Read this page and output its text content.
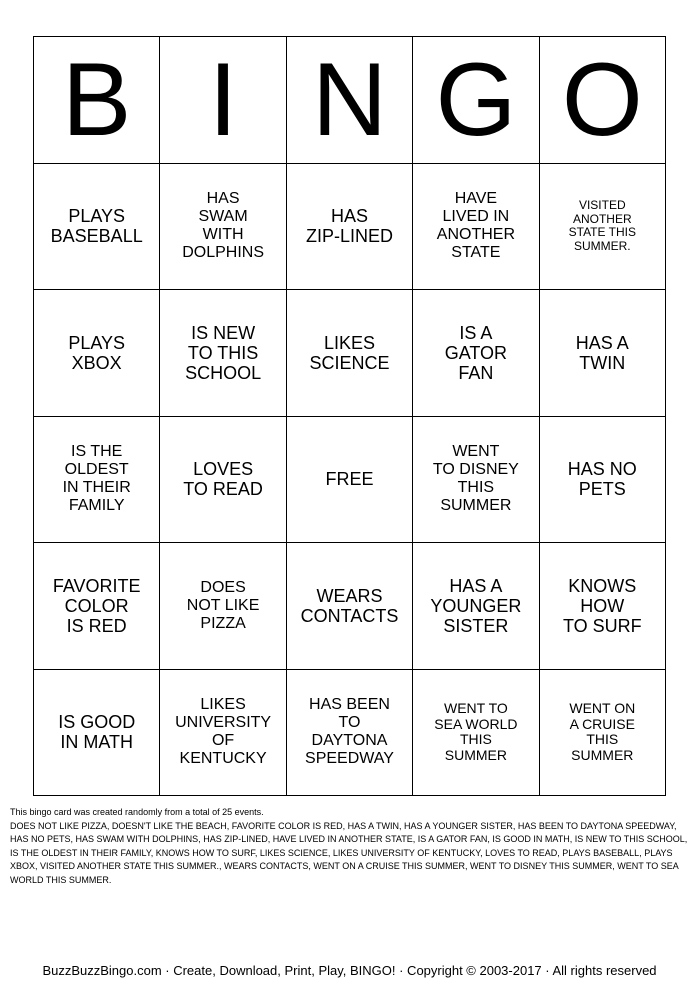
B I N G O
PLAYS
BASEBALL
HAS
SWAM
WITH
DOLPHINS
HAS
ZIP-LINED
HAVE
LIVED IN
ANOTHER
STATE
VISITED
ANOTHER
STATE THIS
SUMMER.
PLAYS
XBOX
IS NEW
TO THIS
SCHOOL
LIKES
SCIENCE
IS A
GATOR
FAN
HAS A
TWIN
IS THE
OLDEST
IN THEIR
FAMILY
LOVES
TO READ
FREE
WENT
TO DISNEY
THIS
SUMMER
HAS NO
PETS
FAVORITE
COLOR
IS RED
DOES
NOT LIKE
PIZZA
WEARS
CONTACTS
HAS A
YOUNGER
SISTER
KNOWS
HOW
TO SURF
IS GOOD
IN MATH
LIKES
UNIVERSITY
OF
KENTUCKY
HAS BEEN
TO
DAYTONA
SPEEDWAY
WENT TO
SEA WORLD
THIS
SUMMER
WENT ON
A CRUISE
THIS
SUMMER
This bingo card was created randomly from a total of 25 events.
DOES NOT LIKE PIZZA, DOESN'T LIKE THE BEACH, FAVORITE COLOR IS RED, HAS A TWIN, HAS A YOUNGER SISTER, HAS BEEN TO DAYTONA SPEEDWAY, HAS NO PETS, HAS SWAM WITH DOLPHINS, HAS ZIP-LINED, HAVE LIVED IN ANOTHER STATE, IS A GATOR FAN, IS GOOD IN MATH, IS NEW TO THIS SCHOOL, IS THE OLDEST IN THEIR FAMILY, KNOWS HOW TO SURF, LIKES SCIENCE, LIKES UNIVERSITY OF KENTUCKY, LOVES TO READ, PLAYS BASEBALL, PLAYS XBOX, VISITED ANOTHER STATE THIS SUMMER., WEARS CONTACTS, WENT ON A CRUISE THIS SUMMER, WENT TO DISNEY THIS SUMMER, WENT TO SEA WORLD THIS SUMMER.
BuzzBuzzBingo.com · Create, Download, Print, Play, BINGO! · Copyright © 2003-2017 · All rights reserved
